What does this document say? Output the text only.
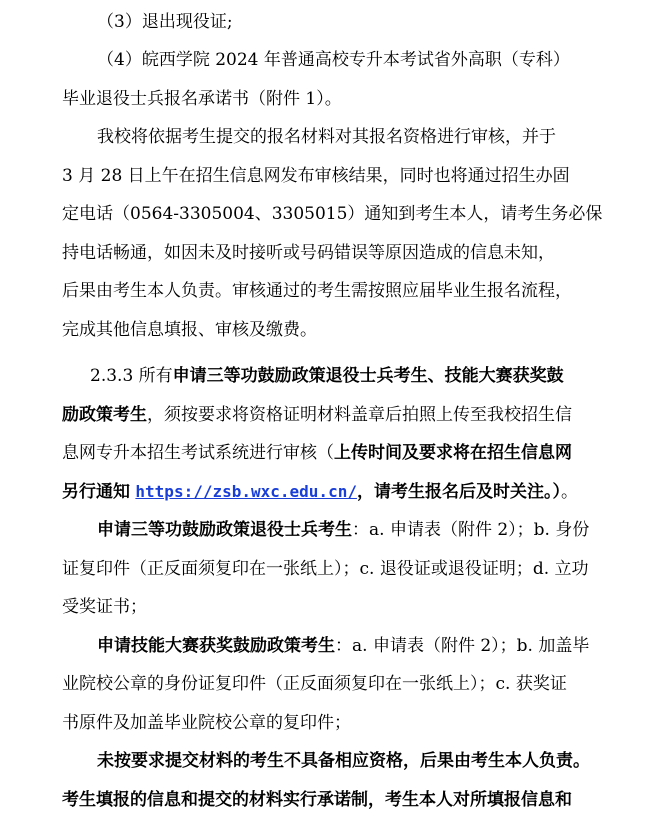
（3）退出现役证;
（4）皖西学院 2024 年普通高校专升本考试省外高职（专科）
毕业退役士兵报名承诺书（附件 1）。
我校将依据考生提交的报名材料对其报名资格进行审核，并于
3 月 28 日上午在招生信息网发布审核结果，同时也将通过招生办固
定电话（0564-3305004、3305015）通知到考生本人，请考生务必保
持电话畅通，如因未及时接听或号码错误等原因造成的信息未知，
后果由考生本人负责。审核通过的考生需按照应届毕业生报名流程，
完成其他信息填报、审核及缴费。
2.3.3 所有申请三等功鼓励政策退役士兵考生、技能大赛获奖鼓
励政策考生，须按要求将资格证明材料盖章后拍照上传至我校招生信
息网专升本招生考试系统进行审核（上传时间及要求将在招生信息网
另行通知 https://zsb.wxc.edu.cn/，请考生报名后及时关注。）。
申请三等功鼓励政策退役士兵考生：a. 申请表（附件 2）；b. 身份
证复印件（正反面须复印在一张纸上）；c. 退役证或退役证明；d. 立功
受奖证书；
申请技能大赛获奖鼓励政策考生：a. 申请表（附件 2）；b. 加盖毕
业院校公章的身份证复印件（正反面须复印在一张纸上）；c. 获奖证
书原件及加盖毕业院校公章的复印件；
未按要求提交材料的考生不具备相应资格，后果由考生本人负责。
考生填报的信息和提交的材料实行承诺制，考生本人对所填报信息和
